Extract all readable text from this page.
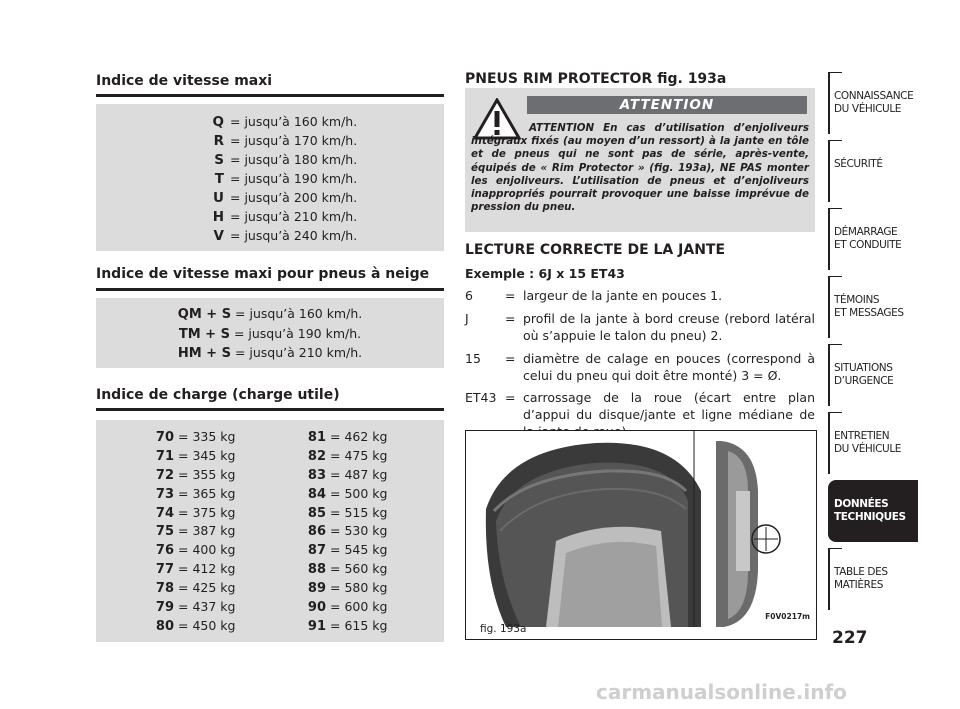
Indice de vitesse maxi
Q = jusqu’à 160 km/h.
R = jusqu’à 170 km/h.
S = jusqu’à 180 km/h.
T = jusqu’à 190 km/h.
U = jusqu’à 200 km/h.
H = jusqu’à 210 km/h.
V = jusqu’à 240 km/h.
Indice de vitesse maxi pour pneus à neige
QM + S = jusqu’à 160 km/h.
TM + S = jusqu’à 190 km/h.
HM + S = jusqu’à 210 km/h.
Indice de charge (charge utile)
70 = 335 kg
71 = 345 kg
72 = 355 kg
73 = 365 kg
74 = 375 kg
75 = 387 kg
76 = 400 kg
77 = 412 kg
78 = 425 kg
79 = 437 kg
80 = 450 kg
81 = 462 kg
82 = 475 kg
83 = 487 kg
84 = 500 kg
85 = 515 kg
86 = 530 kg
87 = 545 kg
88 = 560 kg
89 = 580 kg
90 = 600 kg
91 = 615 kg
PNEUS RIM PROTECTOR fig. 193a
ATTENTION
ATTENTION En cas d’utilisation d’enjoliveurs intégraux fixés (au moyen d’un ressort) à la jante en tôle et de pneus qui ne sont pas de série, après-vente, équipés de « Rim Protector » (fig. 193a), NE PAS monter les enjoliveurs. L’utilisation de pneus et d’enjoliveurs inappropriés pourrait provoquer une baisse imprévue de pression du pneu.
LECTURE CORRECTE DE LA JANTE
Exemple : 6J x 15 ET43
6	= largeur de la jante en pouces 1.
J	= profil de la jante à bord creuse (rebord latéral où s’appuie le talon du pneu) 2.
15 = diamètre de calage en pouces (correspond à celui du pneu qui doit être monté) 3 = Ø.
ET43 = carrossage de la roue (écart entre plan d’appui du disque/jante et ligne médiane de
F0V0217m
fig. 193a
CONNAISSANCE
DU VÉHICULE
SÉCURITÉ
DÉMARRAGE
ET CONDUITE
TÉMOINS
ET MESSAGES
SITUATIONS
D’URGENCE
ENTRETIEN
DU VÉHICULE
DONNÉES
TECHNIQUES
TABLE DES
MATIÈRES
227
carmanualsonline.info
